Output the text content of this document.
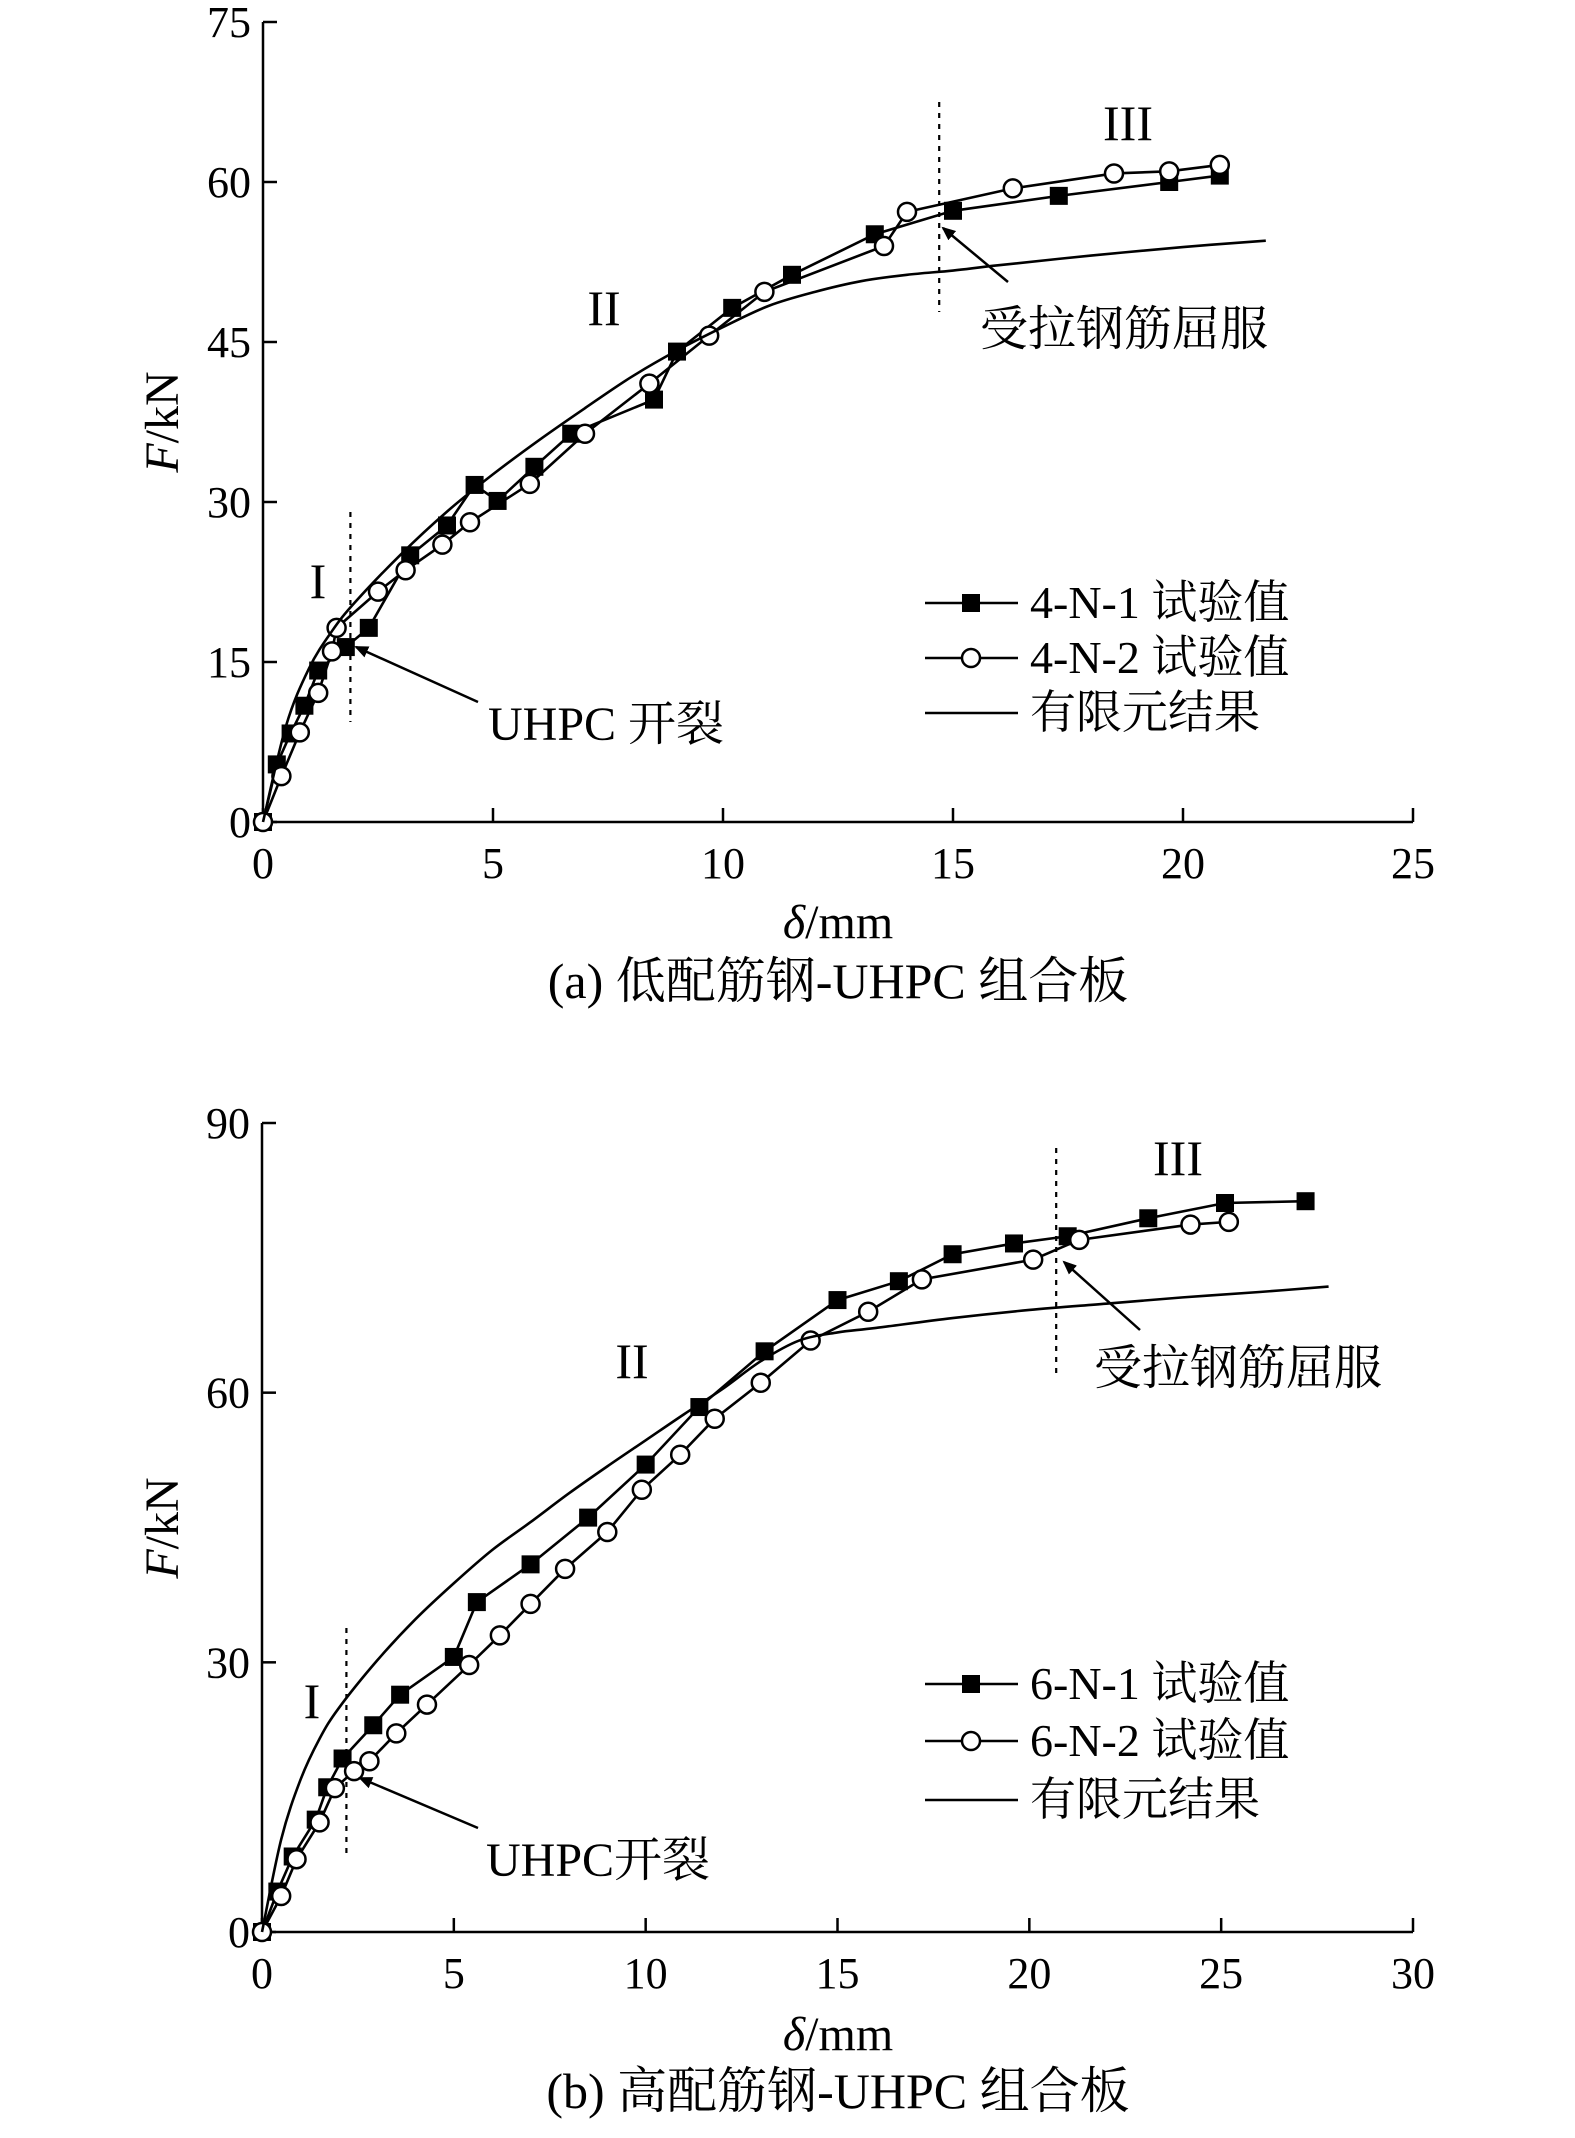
0	5	10	15	20	25
0
15
30
45
60
75
δ/mm
F/kN
I
II
III
UHPC 开裂
受拉钢筋屈服
4-N-1 试验值
4-N-2 试验值
有限元结果
(a) 低配筋钢-UHPC 组合板
0	5	10	15	20	25	30
0
30
60
90
δ/mm
F/kN
I
II
III
UHPC开裂
受拉钢筋屈服
6-N-1 试验值
6-N-2 试验值
有限元结果
(b) 高配筋钢-UHPC 组合板
